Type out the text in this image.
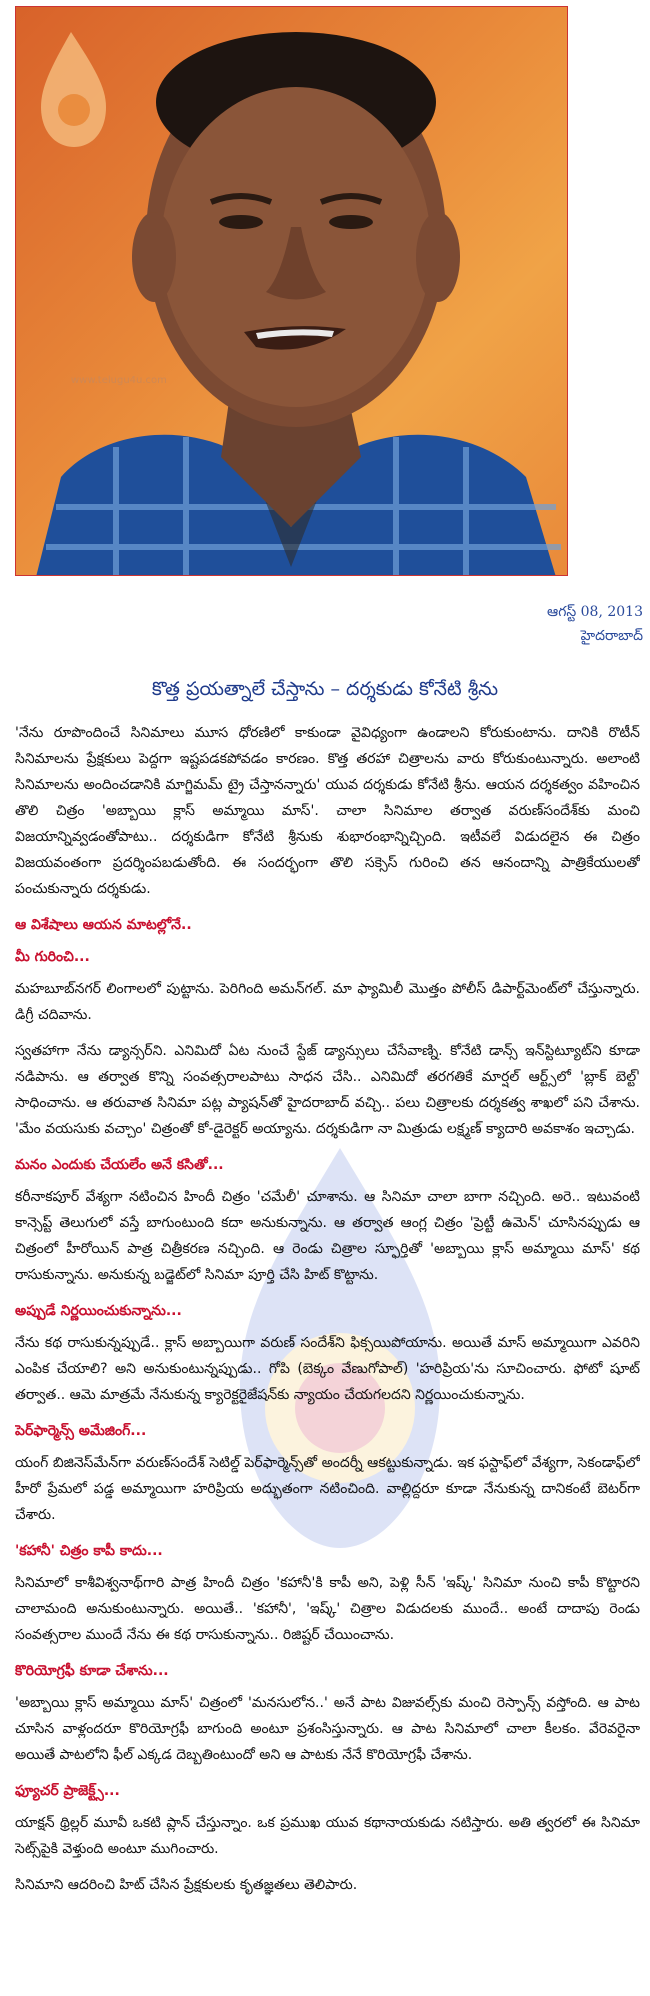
www.telugu4u.com
ఆగస్ట్ 08, 2013
హైదరాబాద్
కొత్త ప్రయత్నాలే చేస్తాను – దర్శకుడు కోనేటి శ్రీను
'నేను రూపొందించే సినిమాలు మూస ధోరణిలో కాకుండా వైవిధ్యంగా ఉండాలని కోరుకుంటాను. దానికి రొటీన్ సినిమాలను ప్రేక్షకులు పెద్దగా ఇష్టపడకపోవడం కారణం. కొత్త తరహా చిత్రాలను వారు కోరుకుంటున్నారు. అలాంటి సినిమాలను అందించడానికి మాగ్జిమమ్ ట్రై చేస్తానన్నారు' యువ దర్శకుడు కోనేటి శ్రీను. ఆయన దర్శకత్వం వహించిన తొలి చిత్రం 'అబ్బాయి క్లాస్ అమ్మాయి మాస్'. చాలా సినిమాల తర్వాత వరుణ్‌సందేశ్‌కు మంచి విజయాన్నివ్వడంతోపాటు.. దర్శకుడిగా కోనేటి శ్రీనుకు శుభారంభాన్నిచ్చింది. ఇటీవలే విడుదలైన ఈ చిత్రం విజయవంతంగా ప్రదర్శింపబడుతోంది. ఈ సందర్భంగా తొలి సక్సెస్ గురించి తన ఆనందాన్ని పాత్రికేయులతో పంచుకున్నారు దర్శకుడు.
ఆ విశేషాలు ఆయన మాటల్లోనే..
మీ గురించి...
మహబూబ్‌నగర్ లింగాలలో పుట్టాను. పెరిగింది అమన్‌గల్. మా ఫ్యామిలీ మొత్తం పోలీస్ డిపార్ట్‌మెంట్‌లో చేస్తున్నారు. డిగ్రీ చదివాను.
స్వతహాగా నేను డ్యాన్సర్‌ని. ఎనిమిదో ఏట నుంచే స్టేజ్ డ్యాన్సులు చేసేవాణ్ని. కోనేటి డాన్స్ ఇన్‌స్టిట్యూట్‌ని కూడా నడిపాను. ఆ తర్వాత కొన్ని సంవత్సరాలపాటు సాధన చేసి.. ఎనిమిదో తరగతికే మార్షల్ ఆర్ట్స్‌లో 'బ్లాక్ బెల్ట్' సాధించాను. ఆ తరువాత సినిమా పట్ల ప్యాషన్‌తో హైదరాబాద్ వచ్చి.. పలు చిత్రాలకు దర్శకత్వ శాఖలో పని చేశాను. 'మేం వయసుకు వచ్చాం' చిత్రంతో కో-డైరెక్టర్ అయ్యాను. దర్శకుడిగా నా మిత్రుడు లక్ష్మణ్ క్యాదారి అవకాశం ఇచ్చాడు.
మనం ఎందుకు చేయలేం అనే కసితో...
కరీనాకపూర్ వేశ్యగా నటించిన హిందీ చిత్రం 'చమేలీ' చూశాను. ఆ సినిమా చాలా బాగా నచ్చింది. అరె.. ఇటువంటి కాన్సెప్ట్ తెలుగులో వస్తే బాగుంటుంది కదా అనుకున్నాను. ఆ తర్వాత ఆంగ్ల చిత్రం 'ప్రెట్టీ ఉమెన్' చూసినప్పుడు ఆ చిత్రంలో హీరోయిన్ పాత్ర చిత్రీకరణ నచ్చింది. ఆ రెండు చిత్రాల స్ఫూర్తితో 'అబ్బాయి క్లాస్ అమ్మాయి మాస్' కథ రాసుకున్నాను. అనుకున్న బడ్జెట్‌లో సినిమా పూర్తి చేసి హిట్ కొట్టాను.
అప్పుడే నిర్ణయించుకున్నాను...
నేను కథ రాసుకున్నప్పుడే.. క్లాస్ అబ్బాయిగా వరుణ్ సందేశ్‌ని ఫిక్సయిపోయాను. అయితే మాస్ అమ్మాయిగా ఎవరిని ఎంపిక చేయాలి? అని అనుకుంటున్నప్పుడు.. గోపి (బెక్కం వేణుగోపాల్) 'హరిప్రియ'ను సూచించారు. ఫోటో షూట్ తర్వాత.. ఆమె మాత్రమే నేనుకున్న క్యారెక్టరైజేషన్‌కు న్యాయం చేయగలదని నిర్ణయించుకున్నాను.
పెర్‌ఫార్మెన్స్ అమేజింగ్...
యంగ్ బిజినెస్‌మేన్‌గా వరుణ్‌సందేశ్ సెటిల్డ్ పెర్‌ఫార్మెన్స్‌తో అందర్నీ ఆకట్టుకున్నాడు. ఇక ఫస్టాఫ్‌లో వేశ్యగా, సెకండాఫ్‌లో హీరో ప్రేమలో పడ్డ అమ్మాయిగా హరిప్రియ అద్భుతంగా నటించింది. వాల్లిద్దరూ కూడా నేనుకున్న దానికంటే బెటర్‌గా చేశారు.
'కహానీ' చిత్రం కాపీ కాదు...
సినిమాలో కాశీవిశ్వనాథ్‌గారి పాత్ర హిందీ చిత్రం 'కహానీ'కి కాపీ అని, పెళ్లి సీన్ 'ఇష్క్' సినిమా నుంచి కాపీ కొట్టారని చాలామంది అనుకుంటున్నారు. అయితే.. 'కహానీ', 'ఇష్క్' చిత్రాల విడుదలకు ముందే.. అంటే దాదాపు రెండు సంవత్సరాల ముందే నేను ఈ కథ రాసుకున్నాను.. రిజిష్టర్ చేయించాను.
కొరియోగ్రఫీ కూడా చేశాను...
'అబ్బాయి క్లాస్ అమ్మాయి మాస్' చిత్రంలో 'మనసులోన..' అనే పాట విజువల్స్‌కు మంచి రెస్పాన్స్ వస్తోంది. ఆ పాట చూసిన వాళ్లందరూ కొరియోగ్రఫీ బాగుంది అంటూ ప్రశంసిస్తున్నారు. ఆ పాట సినిమాలో చాలా కీలకం. వేరెవరైనా అయితే పాటలోని ఫీల్ ఎక్కడ దెబ్బతింటుందో అని ఆ పాటకు నేనే కొరియోగ్రఫీ చేశాను.
ఫ్యూచర్ ప్రాజెక్ట్స్...
యాక్షన్ థ్రిల్లర్ మూవీ ఒకటి ప్లాన్ చేస్తున్నాం. ఒక ప్రముఖ యువ కథానాయకుడు నటిస్తారు. అతి త్వరలో ఈ సినిమా సెట్స్‌పైకి వెళ్తుంది అంటూ ముగించారు.
సినిమాని ఆదరించి హిట్ చేసిన ప్రేక్షకులకు కృతజ్ఞతలు తెలిపారు.
